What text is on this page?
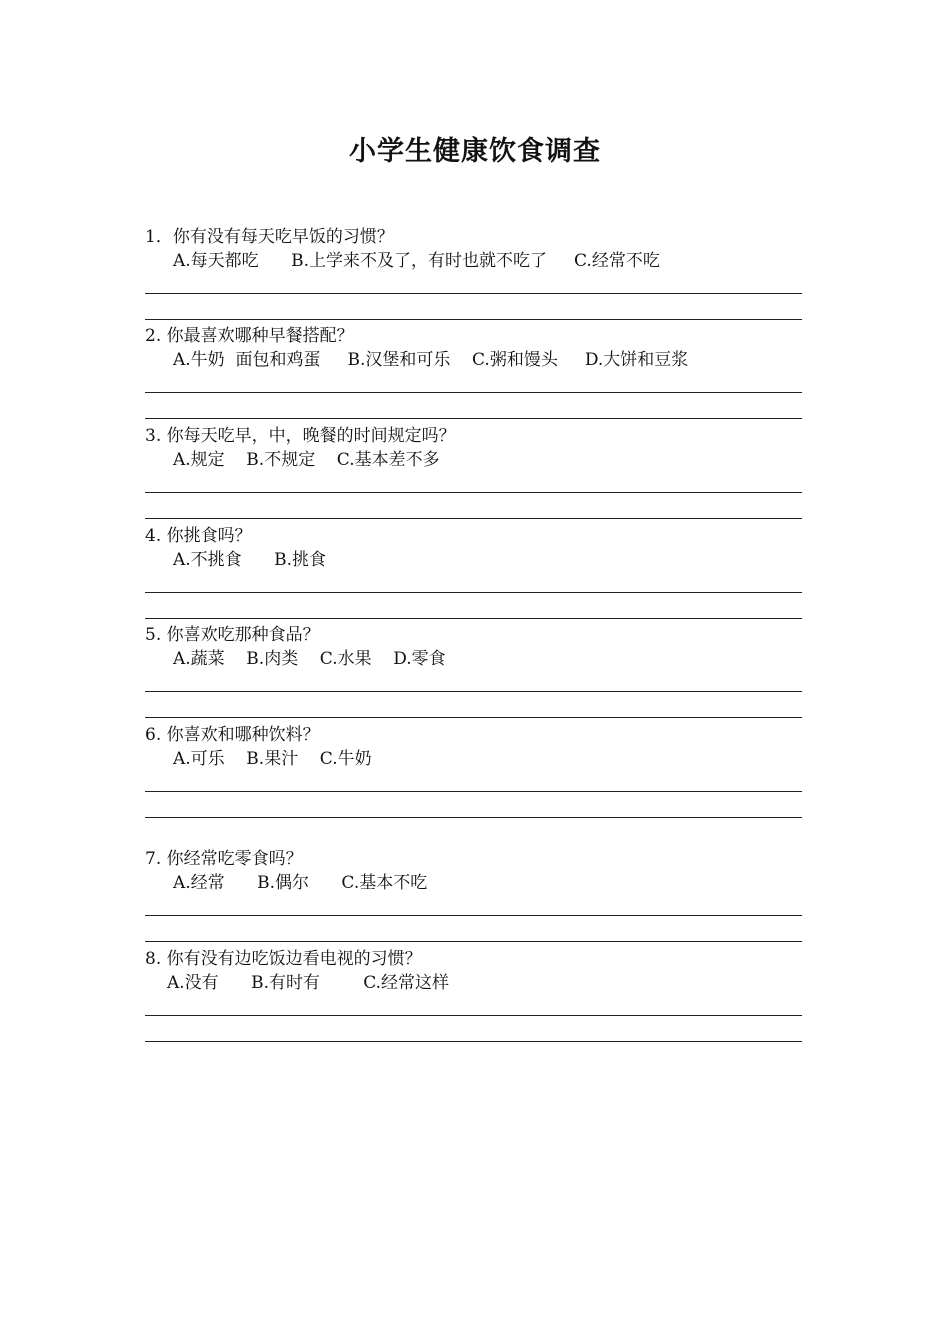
小学生健康饮食调查
1．你有没有每天吃早饭的习惯？
A.每天都吃      B.上学来不及了，有时也就不吃了     C.经常不吃
2. 你最喜欢哪种早餐搭配？
A.牛奶  面包和鸡蛋     B.汉堡和可乐    C.粥和馒头     D.大饼和豆浆
3. 你每天吃早，中，晚餐的时间规定吗？
A.规定    B.不规定    C.基本差不多
4. 你挑食吗？
A.不挑食      B.挑食
5. 你喜欢吃那种食品？
A.蔬菜    B.肉类    C.水果    D.零食
6. 你喜欢和哪种饮料？
A.可乐    B.果汁    C.牛奶
7. 你经常吃零食吗？
A.经常      B.偶尔      C.基本不吃
8. 你有没有边吃饭边看电视的习惯？
A.没有      B.有时有        C.经常这样
